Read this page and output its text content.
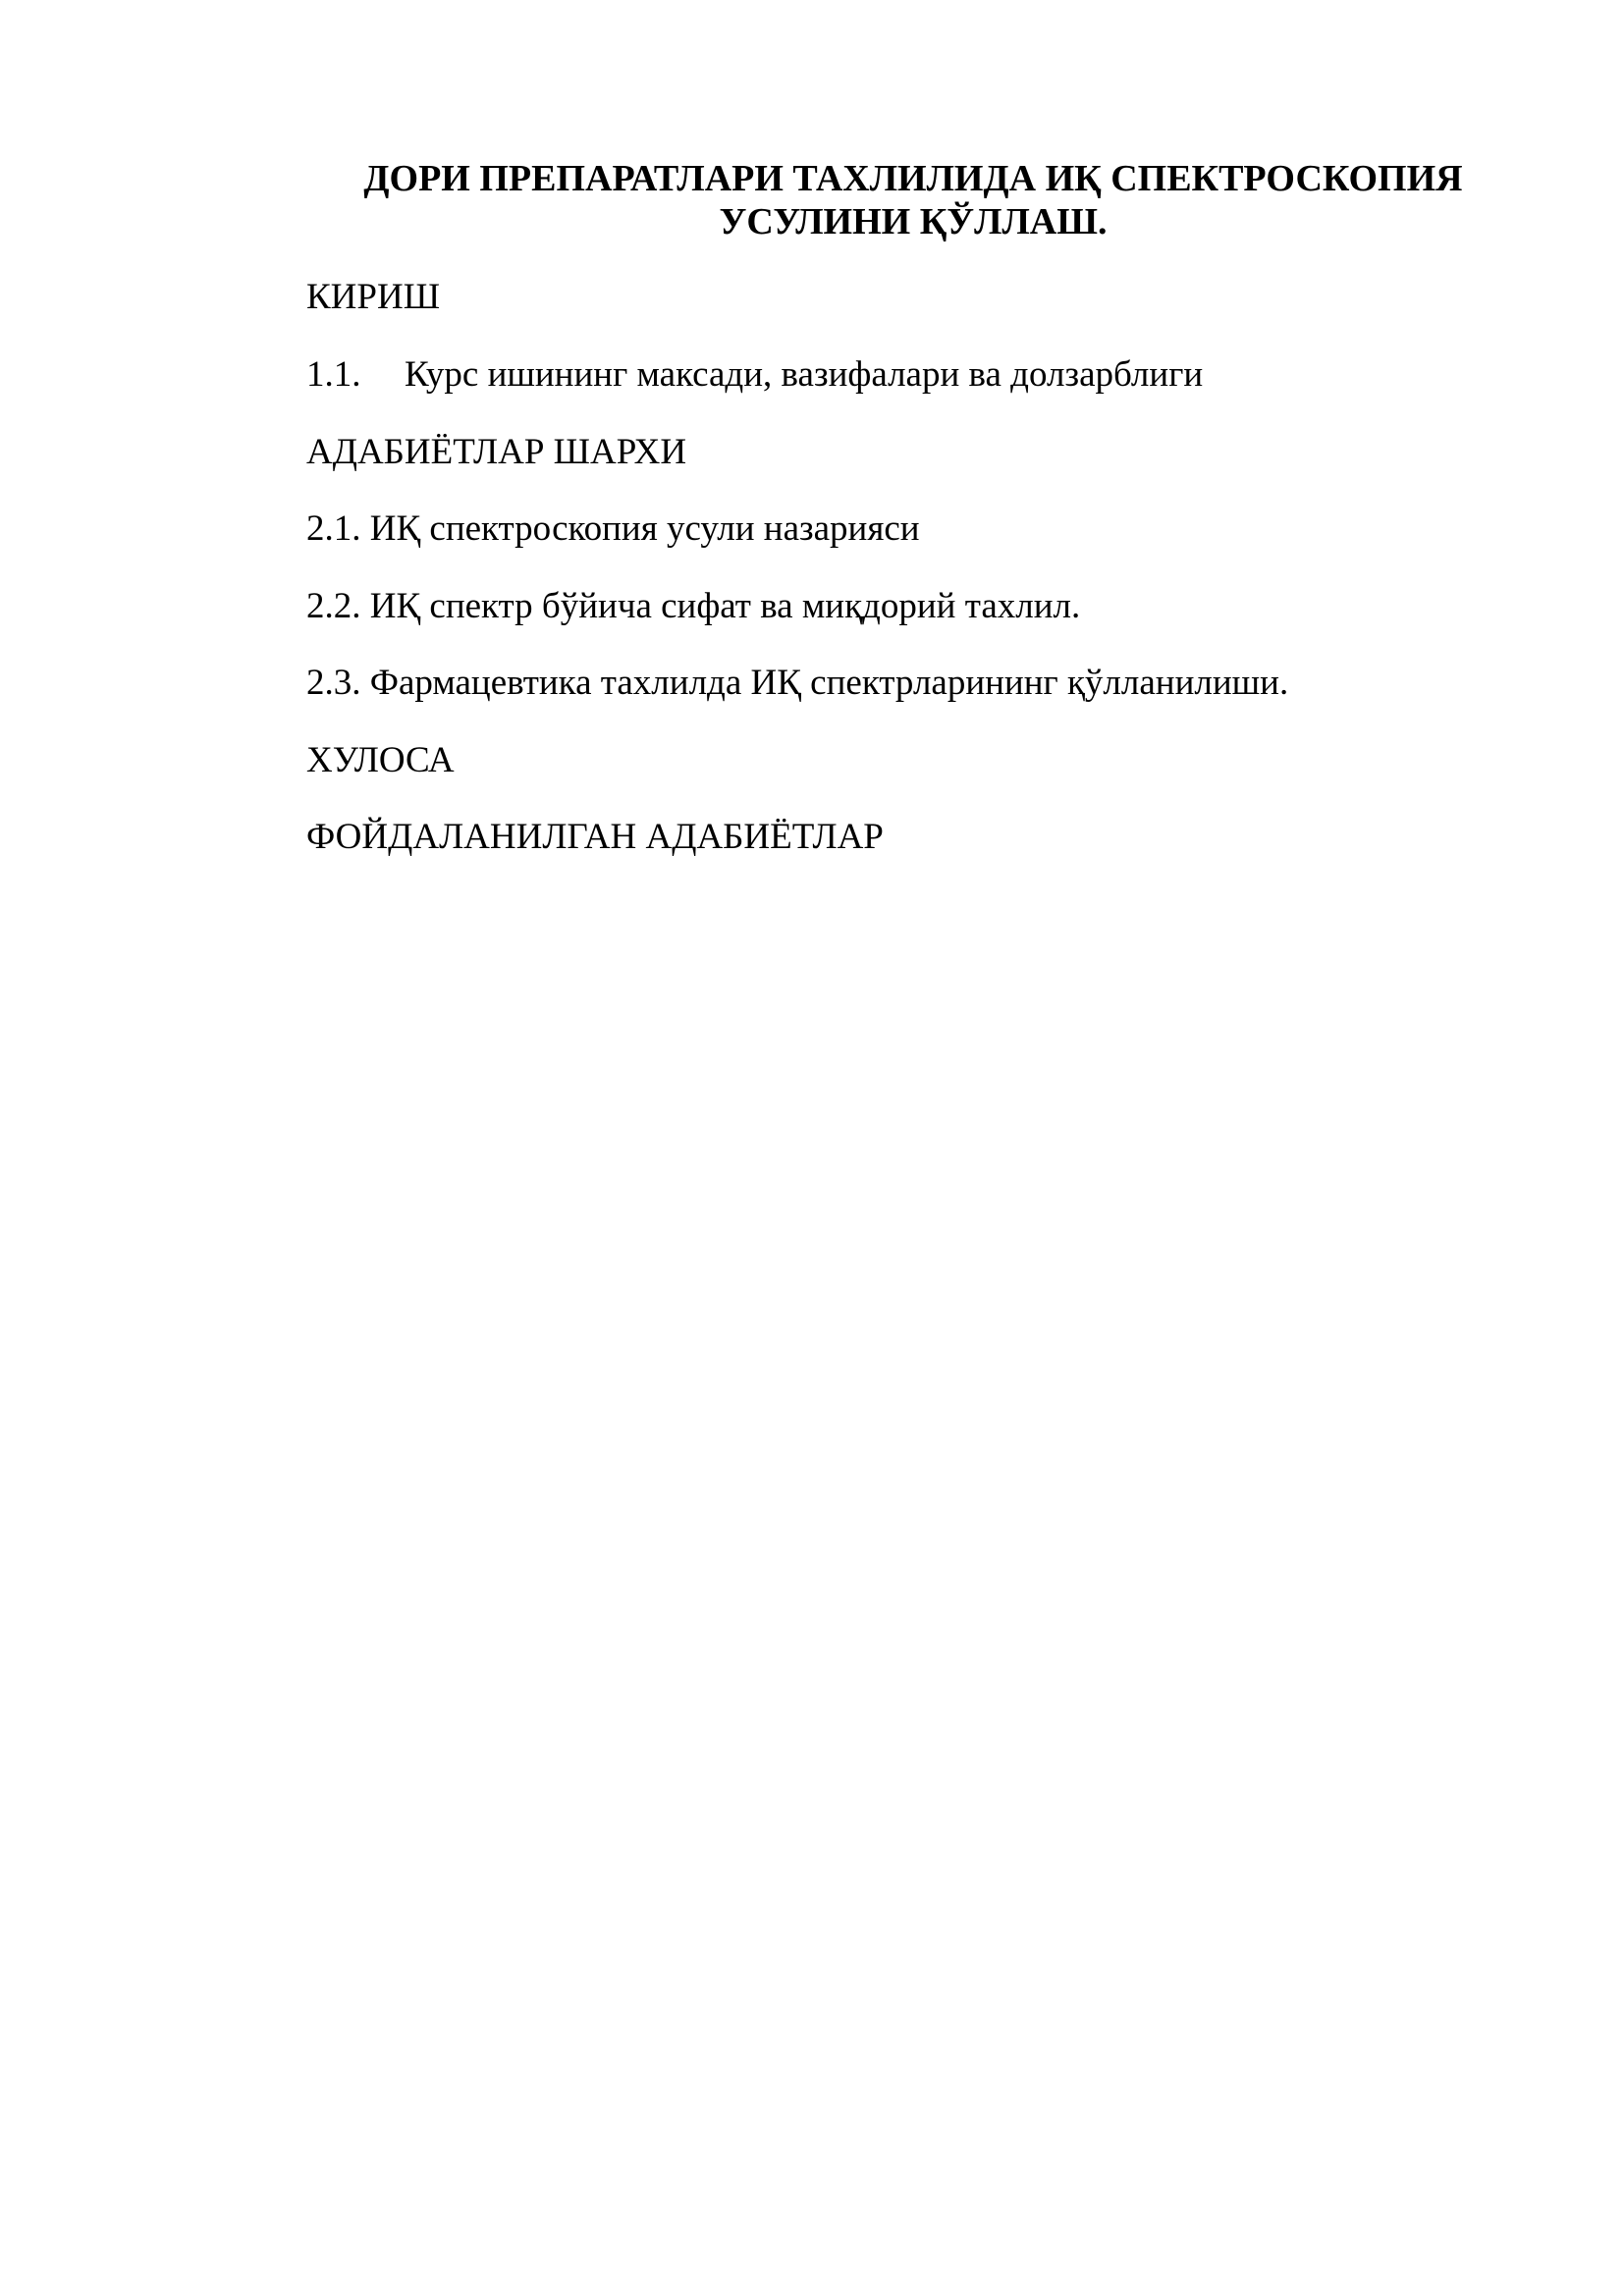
ДОРИ ПРЕПАРАТЛАРИ ТАХЛИЛИДА ИҚ СПЕКТРОСКОПИЯ

УСУЛИНИ ҚЎЛЛАШ.

КИРИШ

1.1. Курс ишининг максади, вазифалари ва долзарблиги

АДАБИЁТЛАР ШАРХИ

2.1. ИҚ спектроскопия усули назарияси

2.2. ИҚ спектр бўйича сифат ва миқдорий тахлил.

2.3. Фармацевтика тахлилда ИҚ спектрларининг қўлланилиши.

ХУЛОСА

ФОЙДАЛАНИЛГАН АДАБИЁТЛАР
